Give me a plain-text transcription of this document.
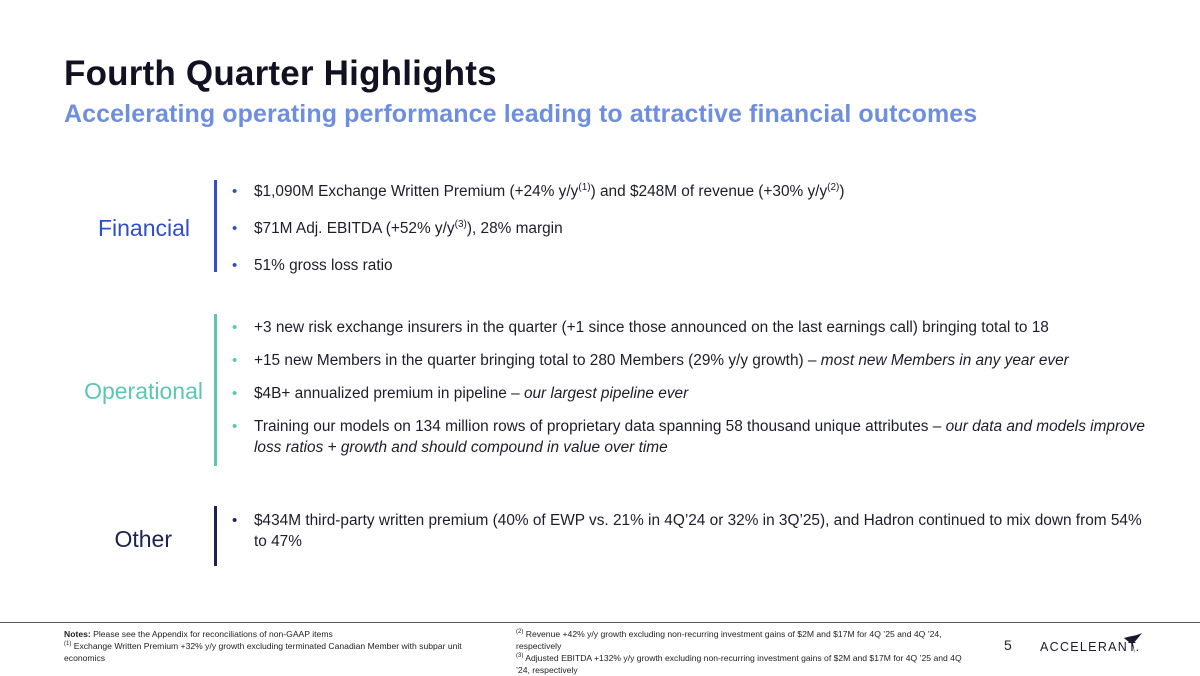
Fourth Quarter Highlights
Accelerating operating performance leading to attractive financial outcomes
Financial
• $1,090M Exchange Written Premium (+24% $y/y^{(1)}$) and $248M of revenue (+30% $y/y^{(2)}$)
• $71M Adj. EBITDA (+52% $y/y^{(3)}$), 28% margin
• 51% gross loss ratio
Operational
• +3 new risk exchange insurers in the quarter (+1 since those announced on the last earnings call) bringing total to 18
• +15 new Members in the quarter bringing total to 280 Members (29% y/y growth) – most new Members in any year ever
• $4B+ annualized premium in pipeline – our largest pipeline ever
• Training our models on 134 million rows of proprietary data spanning 58 thousand unique attributes – our data and models improve loss ratios + growth and should compound in value over time
Other
• $434M third-party written premium (40% of EWP vs. 21% in 4Q’24 or 32% in 3Q’25), and Hadron continued to mix down from 54% to 47%
Notes: Please see the Appendix for reconciliations of non-GAAP items
$^{(1)}$ Exchange Written Premium +32% y/y growth excluding terminated Canadian Member with subpar unit economics
$^{(2)}$ Revenue +42% y/y growth excluding non-recurring investment gains of $2M and $17M for 4Q ’25 and 4Q ’24, respectively
$^{(3)}$ Adjusted EBITDA +132% y/y growth excluding non-recurring investment gains of $2M and $17M for 4Q ’25 and 4Q ’24, respectively
5 ACCELERANT.
